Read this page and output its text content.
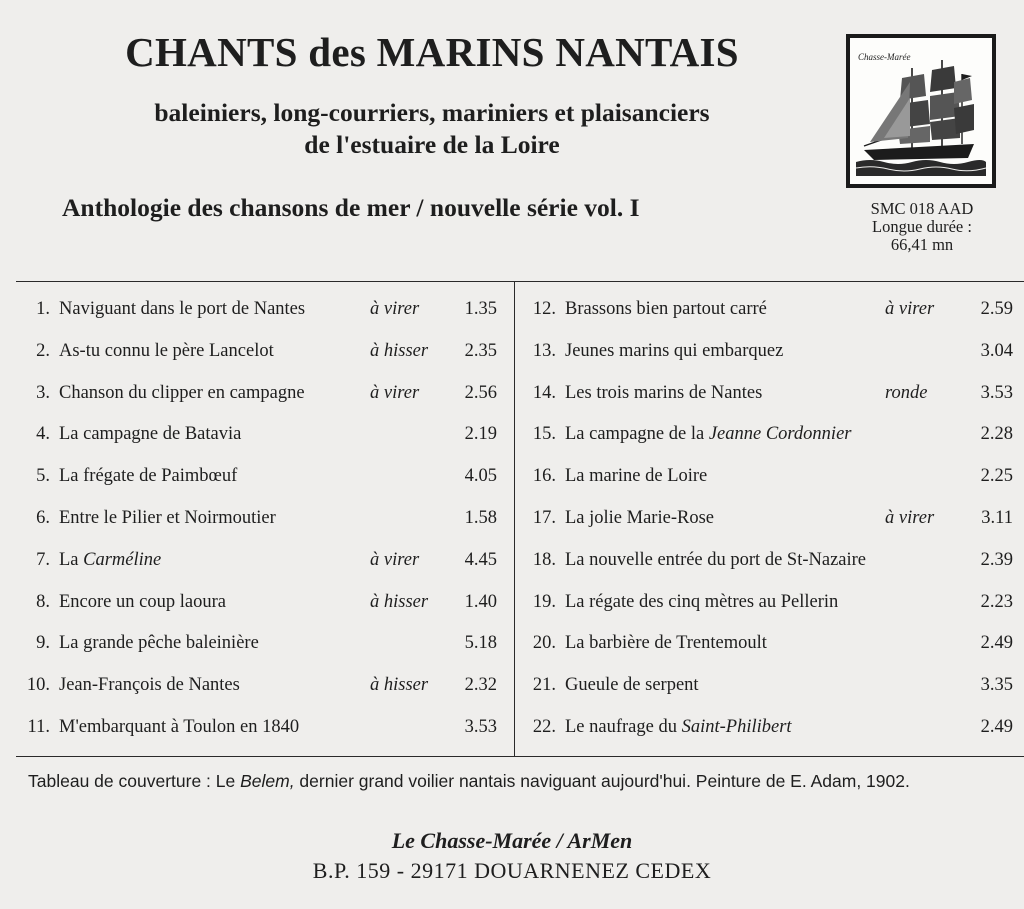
CHANTS des MARINS NANTAIS
baleiniers, long-courriers, mariniers et plaisanciers
de l'estuaire de la Loire
Anthologie des chansons de mer / nouvelle série vol. I
Chasse-Marée
SMC 018 AAD
Longue durée :
66,41 mn
1. Naviguant dans le port de Nantes	à virer	1.35
2. As-tu connu le père Lancelot	à hisser	2.35
3. Chanson du clipper en campagne	à virer	2.56
4. La campagne de Batavia	2.19
5. La frégate de Paimbœuf	4.05
6. Entre le Pilier et Noirmoutier	1.58
7. La Carméline	à virer	4.45
8. Encore un coup laoura	à hisser	1.40
9. La grande pêche baleinière	5.18
10. Jean-François de Nantes	à hisser	2.32
11. M'embarquant à Toulon en 1840	3.53
12. Brassons bien partout carré	à virer	2.59
13. Jeunes marins qui embarquez	3.04
14. Les trois marins de Nantes	ronde	3.53
15. La campagne de la Jeanne Cordonnier	2.28
16. La marine de Loire	2.25
17. La jolie Marie-Rose	à virer	3.11
18. La nouvelle entrée du port de St-Nazaire	2.39
19. La régate des cinq mètres au Pellerin	2.23
20. La barbière de Trentemoult	2.49
21. Gueule de serpent	3.35
22. Le naufrage du Saint-Philibert	2.49
Tableau de couverture : Le Belem, dernier grand voilier nantais naviguant aujourd'hui. Peinture de E. Adam, 1902.
Le Chasse-Marée / ArMen
B.P. 159 - 29171 DOUARNENEZ CEDEX
